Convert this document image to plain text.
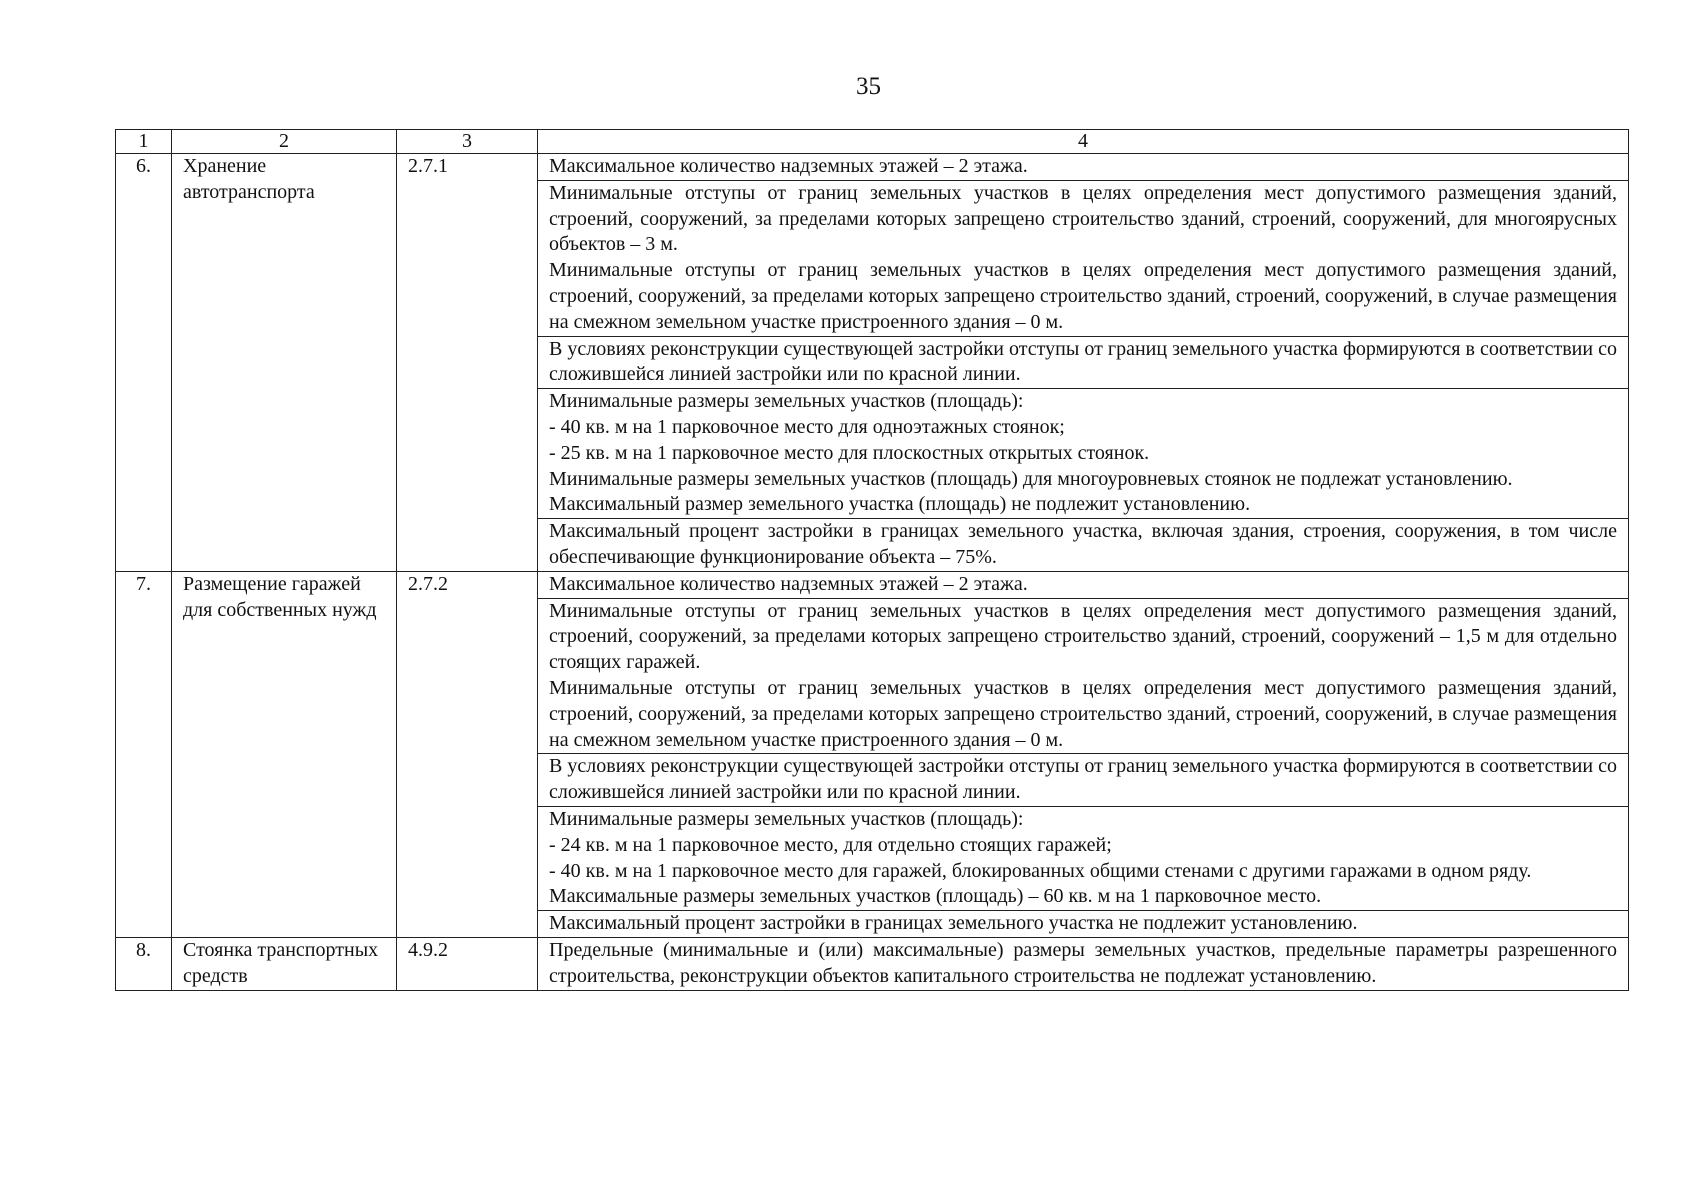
35
1	2	3	4
6.	Хранение автотранспорта	2.7.1	Максимальное количество надземных этажей – 2 этажа.

			Минимальные отступы от границ земельных участков в целях определения мест допустимого размещения зданий, строений, сооружений, за пределами которых запрещено строительство зданий, строений, сооружений, для многоярусных объектов – 3 м.

Минимальные отступы от границ земельных участков в целях определения мест допустимого размещения зданий, строений, сооружений, за пределами которых запрещено строительство зданий, строений, сооружений, в случае размещения на смежном земельном участке пристроенного здания – 0 м.

			В условиях реконструкции существующей застройки отступы от границ земельного участка формируются в соответствии со сложившейся линией застройки или по красной линии.

			Минимальные размеры земельных участков (площадь):

- 40 кв. м на 1 парковочное место для одноэтажных стоянок;

- 25 кв. м на 1 парковочное место для плоскостных открытых стоянок.

Минимальные размеры земельных участков (площадь) для многоуровневых стоянок не подлежат установлению.

Максимальный размер земельного участка (площадь) не подлежит установлению.

			Максимальный процент застройки в границах земельного участка, включая здания, строения, сооружения, в том числе обеспечивающие функционирование объекта – 75%.

7.	Размещение гаражей для собственных нужд	2.7.2	Максимальное количество надземных этажей – 2 этажа.

			Минимальные отступы от границ земельных участков в целях определения мест допустимого размещения зданий, строений, сооружений, за пределами которых запрещено строительство зданий, строений, сооружений – 1,5 м для отдельно стоящих гаражей.

Минимальные отступы от границ земельных участков в целях определения мест допустимого размещения зданий, строений, сооружений, за пределами которых запрещено строительство зданий, строений, сооружений, в случае размещения на смежном земельном участке пристроенного здания – 0 м.

			В условиях реконструкции существующей застройки отступы от границ земельного участка формируются в соответствии со сложившейся линией застройки или по красной линии.

			Минимальные размеры земельных участков (площадь):

- 24 кв. м на 1 парковочное место, для отдельно стоящих гаражей;

- 40 кв. м на 1 парковочное место для гаражей, блокированных общими стенами с другими гаражами в одном ряду.

Максимальные размеры земельных участков (площадь) – 60 кв. м на 1 парковочное место.

			Максимальный процент застройки в границах земельного участка не подлежит установлению.

8.	Стоянка транспортных средств	4.9.2	Предельные (минимальные и (или) максимальные) размеры земельных участков, предельные параметры разрешенного строительства, реконструкции объектов капитального строительства не подлежат установлению.
